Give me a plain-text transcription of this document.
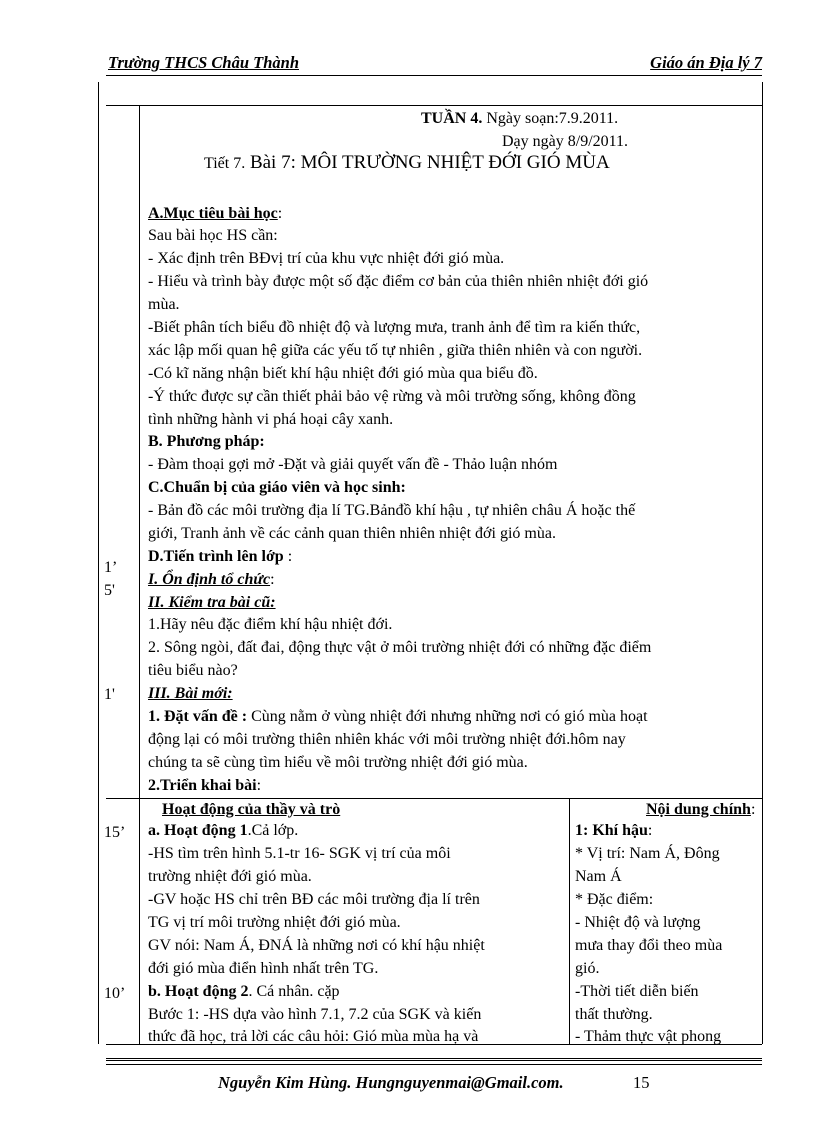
Trường THCS Châu Thành	Giáo án Địa lý 7
TUẦN 4. Ngày soạn:7.9.2011.
Dạy ngày 8/9/2011.
Tiết 7. Bài 7: MÔI TRƯỜNG NHIỆT ĐỚI GIÓ MÙA
A.Mục tiêu bài học:
Sau bài học HS cần:
- Xác định trên BĐvị trí của khu vực nhiệt đới gió mùa.
- Hiểu và trình bày được một số đặc điểm cơ bản của thiên nhiên nhiệt đới gió
mùa.
-Biết phân tích biểu đồ nhiệt độ và lượng mưa, tranh ảnh để tìm ra kiến thức,
xác lập mối quan hệ giữa các yếu tố tự nhiên , giữa thiên nhiên và con người.
-Có kĩ năng nhận biết khí hậu nhiệt đới gió mùa qua biểu đồ.
-Ý thức được sự cần thiết phải bảo vệ rừng và môi trường sống, không đồng
tình những hành vi phá hoại cây xanh.
B. Phương pháp:
- Đàm thoại gợi mở -Đặt và giải quyết vấn đề - Thảo luận nhóm
C.Chuẩn bị của giáo viên và học sinh:
- Bản đồ các môi trường địa lí TG.Bảnđồ khí hậu , tự nhiên châu Á hoặc thế
giới, Tranh ảnh về các cảnh quan thiên nhiên nhiệt đới gió mùa.
D.Tiến trình lên lớp :
I. Ổn định tổ chức:
II. Kiểm tra bài cũ:
1.Hãy nêu đặc điểm khí hậu nhiệt đới.
2. Sông ngòi, đất đai, động thực vật ở môi trường nhiệt đới có những đặc điểm
tiêu biểu nào?
III. Bài mới:
1. Đặt vấn đề : Cùng nằm ở vùng nhiệt đới nhưng những nơi có gió mùa hoạt
động lại có môi trường thiên nhiên khác với môi trường nhiệt đới.hôm nay
chúng ta sẽ cùng tìm hiểu về môi trường nhiệt đới gió mùa.
2.Triển khai bài:
1’
5'
1'
15’
10’
Hoạt động của thầy và trò
a. Hoạt động 1.Cả lớp.
-HS tìm trên hình 5.1-tr 16- SGK vị trí của môi
trường nhiệt đới gió mùa.
-GV hoặc HS chỉ trên BĐ các môi trường địa lí trên
TG vị trí môi trường nhiệt đới gió mùa.
GV nói: Nam Á, ĐNÁ là những nơi có khí hậu nhiệt
đới gió mùa điển hình nhất trên TG.
b. Hoạt động 2. Cá nhân. cặp
Bước 1: -HS dựa vào hình 7.1, 7.2 của SGK và kiến
thức đã học, trả lời các câu hỏi: Gió mùa mùa hạ và
Nội dung chính:
1: Khí hậu:
* Vị trí: Nam Á, Đông
Nam Á
* Đặc điểm:
- Nhiệt độ và lượng
mưa thay đổi theo mùa
gió.
-Thời tiết diễn biến
thất thường.
- Thảm thực vật phong
Nguyễn Kim Hùng. Hungnguyenmai@Gmail.com.	15
